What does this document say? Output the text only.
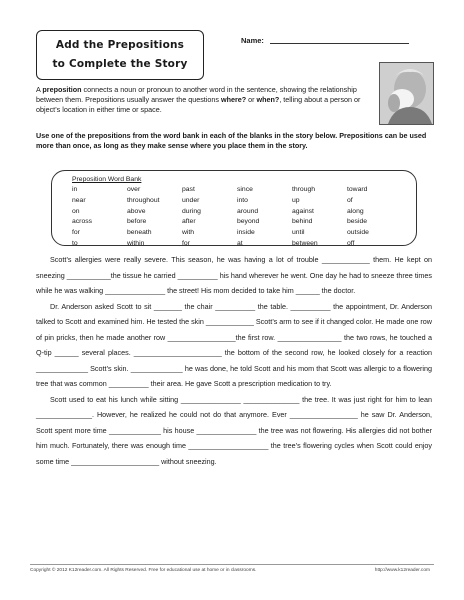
Add the Prepositions
to Complete the Story
Name:
A preposition connects a noun or pronoun to another word in the sentence, showing the relationship between them. Prepositions usually answer the questions where? or when?, telling about a person or object’s location in either time or space.
Use one of the prepositions from the word bank in each of the blanks in the story below. Prepositions can be used more than once, as long as they make sense where you place them in the story.
Preposition Word Bank
in	over	past	since	through	toward
near	throughout	under	into	up	of
on	above	during	around	against	along
across	before	after	beyond	behind	beside
for	beneath	with	inside	until	outside
to	within	for	at	between	off

Scott’s allergies were really severe. This season, he was having a lot of trouble ____________ them. He kept on sneezing ___________the tissue he carried __________ his hand wherever he went. One day he had to sneeze three times while he was walking _______________ the street! His mom decided to take him ______ the doctor.

Dr. Anderson asked Scott to sit _______ the chair __________ the table. __________ the appointment, Dr. Anderson talked to Scott and examined him. He tested the skin ____________ Scott’s arm to see if it changed color. He made one row of pin pricks, then he made another row _________________the first row. ________________ the two rows, he touched a Q-tip ______ several places. ______________________ the bottom of the second row, he looked closely for a reaction _____________ Scott’s skin. _____________ he was done, he told Scott and his mom that Scott was allergic to a flowering tree that was common __________ their area. He gave Scott a prescription medication to try.

Scott used to eat his lunch while sitting _______________ ______________ the tree. It was just right for him to lean ______________. However, he realized he could not do that anymore. Ever _________________ he saw Dr. Anderson, Scott spent more time _____________ his house _______________ the tree was not flowering. His allergies did not bother him much. Fortunately, there was enough time ____________________ the tree’s flowering cycles when Scott could enjoy some time ______________________ without sneezing.

Copyright © 2012 K12reader.com. All Rights Reserved. Free for educational use at home or in classrooms.	http://www.k12reader.com
